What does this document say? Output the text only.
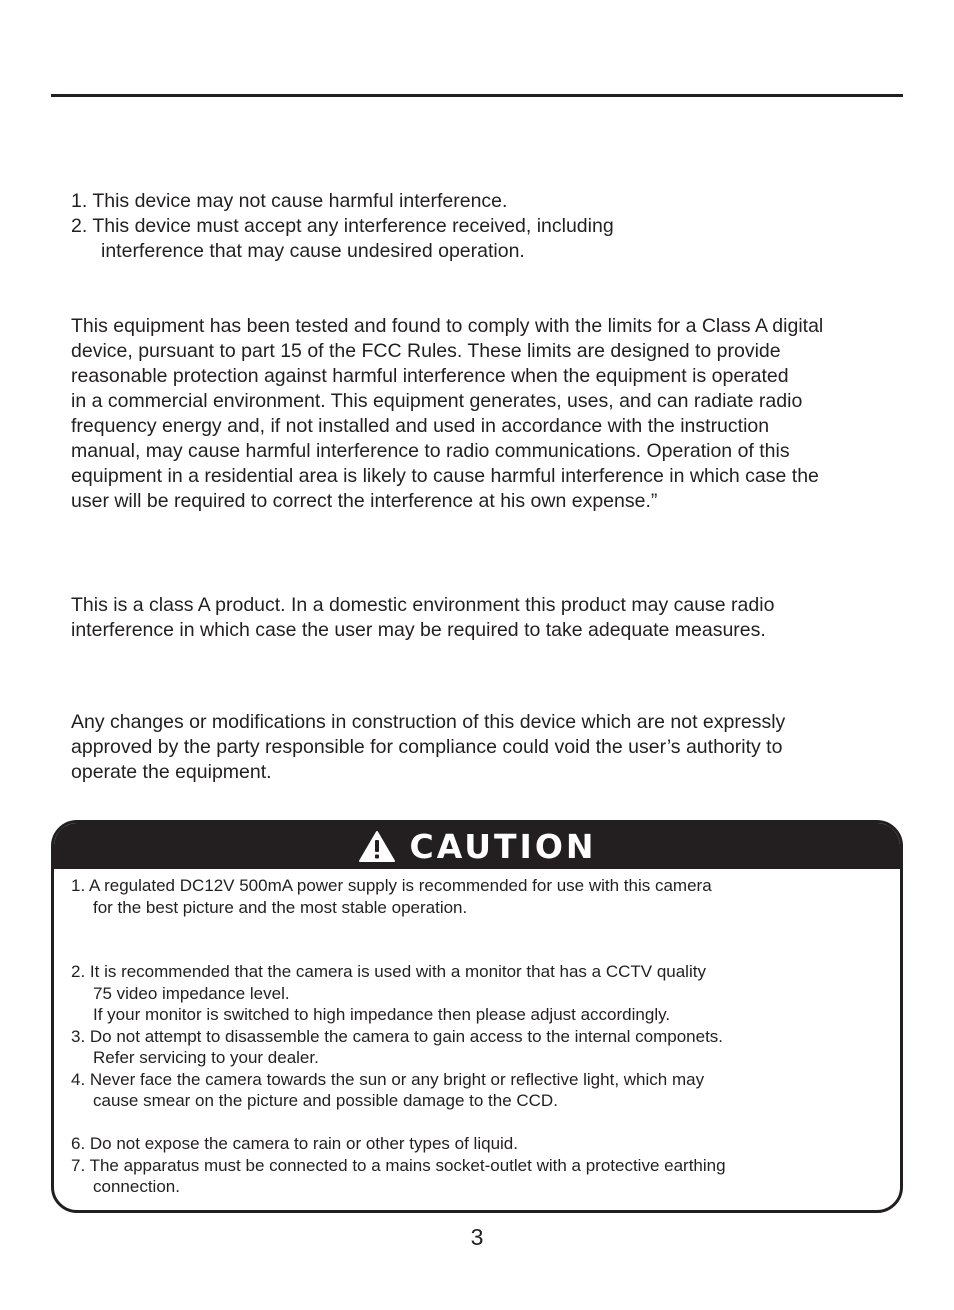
1. This device may not cause harmful interference.

2. This device must accept any interference received, including

interference that may cause undesired operation.

This equipment has been tested and found to comply with the limits for a Class A digital

device, pursuant to part 15 of the FCC Rules. These limits are designed to provide

reasonable protection against harmful interference when the equipment is operated

in a commercial environment. This equipment generates, uses, and can radiate radio

frequency energy and, if not installed and used in accordance with the instruction

manual, may cause harmful interference to radio communications. Operation of this

equipment in a residential area is likely to cause harmful interference in which case the

user will be required to correct the interference at his own expense.”

This is a class A product. In a domestic environment this product may cause radio

interference in which case the user may be required to take adequate measures.

Any changes or modifications in construction of this device which are not expressly

approved by the party responsible for compliance could void the user’s authority to

operate the equipment.

CAUTION

1. A regulated DC12V 500mA power supply is recommended for use with this camera

for the best picture and the most stable operation.

2. It is recommended that the camera is used with a monitor that has a CCTV quality

75 video impedance level.

If your monitor is switched to high impedance then please adjust accordingly.

3. Do not attempt to disassemble the camera to gain access to the internal componets.

Refer servicing to your dealer.

4. Never face the camera towards the sun or any bright or reflective light, which may

cause smear on the picture and possible damage to the CCD.

6. Do not expose the camera to rain or other types of liquid.

7. The apparatus must be connected to a mains socket-outlet with a protective earthing

connection.

3
